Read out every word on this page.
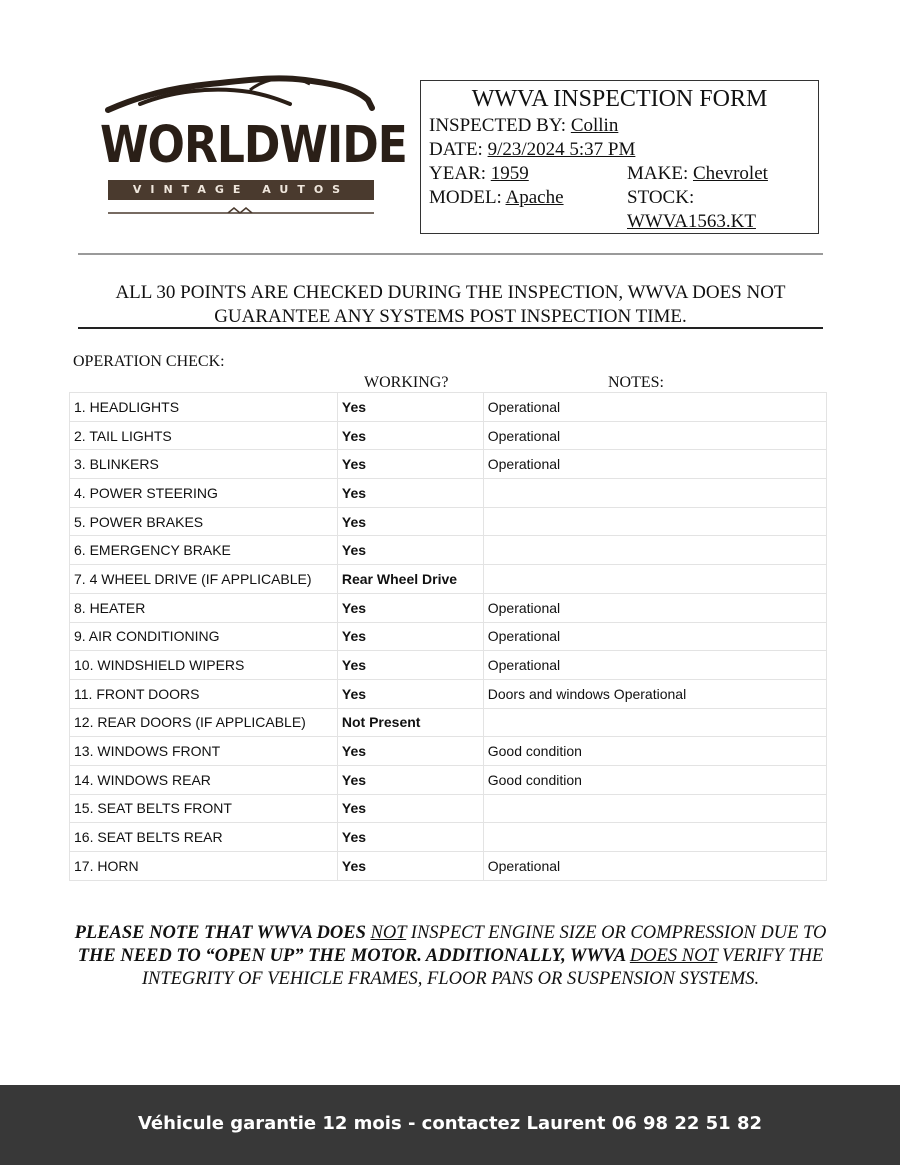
WORLDWIDE
VINTAGE AUTOS
WWVA INSPECTION FORM
INSPECTED BY: Collin
DATE: 9/23/2024 5:37 PM
YEAR: 1959	MAKE: Chevrolet
MODEL: Apache	STOCK:
WWVA1563.KT
ALL 30 POINTS ARE CHECKED DURING THE INSPECTION, WWVA DOES NOT
GUARANTEE ANY SYSTEMS POST INSPECTION TIME.
OPERATION CHECK:
WORKING?	NOTES:
1. HEADLIGHTS	Yes	Operational
2. TAIL LIGHTS	Yes	Operational
3. BLINKERS	Yes	Operational
4. POWER STEERING	Yes	
5. POWER BRAKES	Yes	
6. EMERGENCY BRAKE	Yes	
7. 4 WHEEL DRIVE (IF APPLICABLE)	Rear Wheel Drive	
8. HEATER	Yes	Operational
9. AIR CONDITIONING	Yes	Operational
10. WINDSHIELD WIPERS	Yes	Operational
11. FRONT DOORS	Yes	Doors and windows Operational
12. REAR DOORS (IF APPLICABLE)	Not Present	
13. WINDOWS FRONT	Yes	Good condition
14. WINDOWS REAR	Yes	Good condition
15. SEAT BELTS FRONT	Yes	
16. SEAT BELTS REAR	Yes	
17. HORN	Yes	Operational
PLEASE NOTE THAT WWVA DOES NOT INSPECT ENGINE SIZE OR COMPRESSION DUE TO
THE NEED TO “OPEN UP” THE MOTOR. ADDITIONALLY, WWVA DOES NOT VERIFY THE
INTEGRITY OF VEHICLE FRAMES, FLOOR PANS OR SUSPENSION SYSTEMS.
Véhicule garantie 12 mois - contactez Laurent 06 98 22 51 82
